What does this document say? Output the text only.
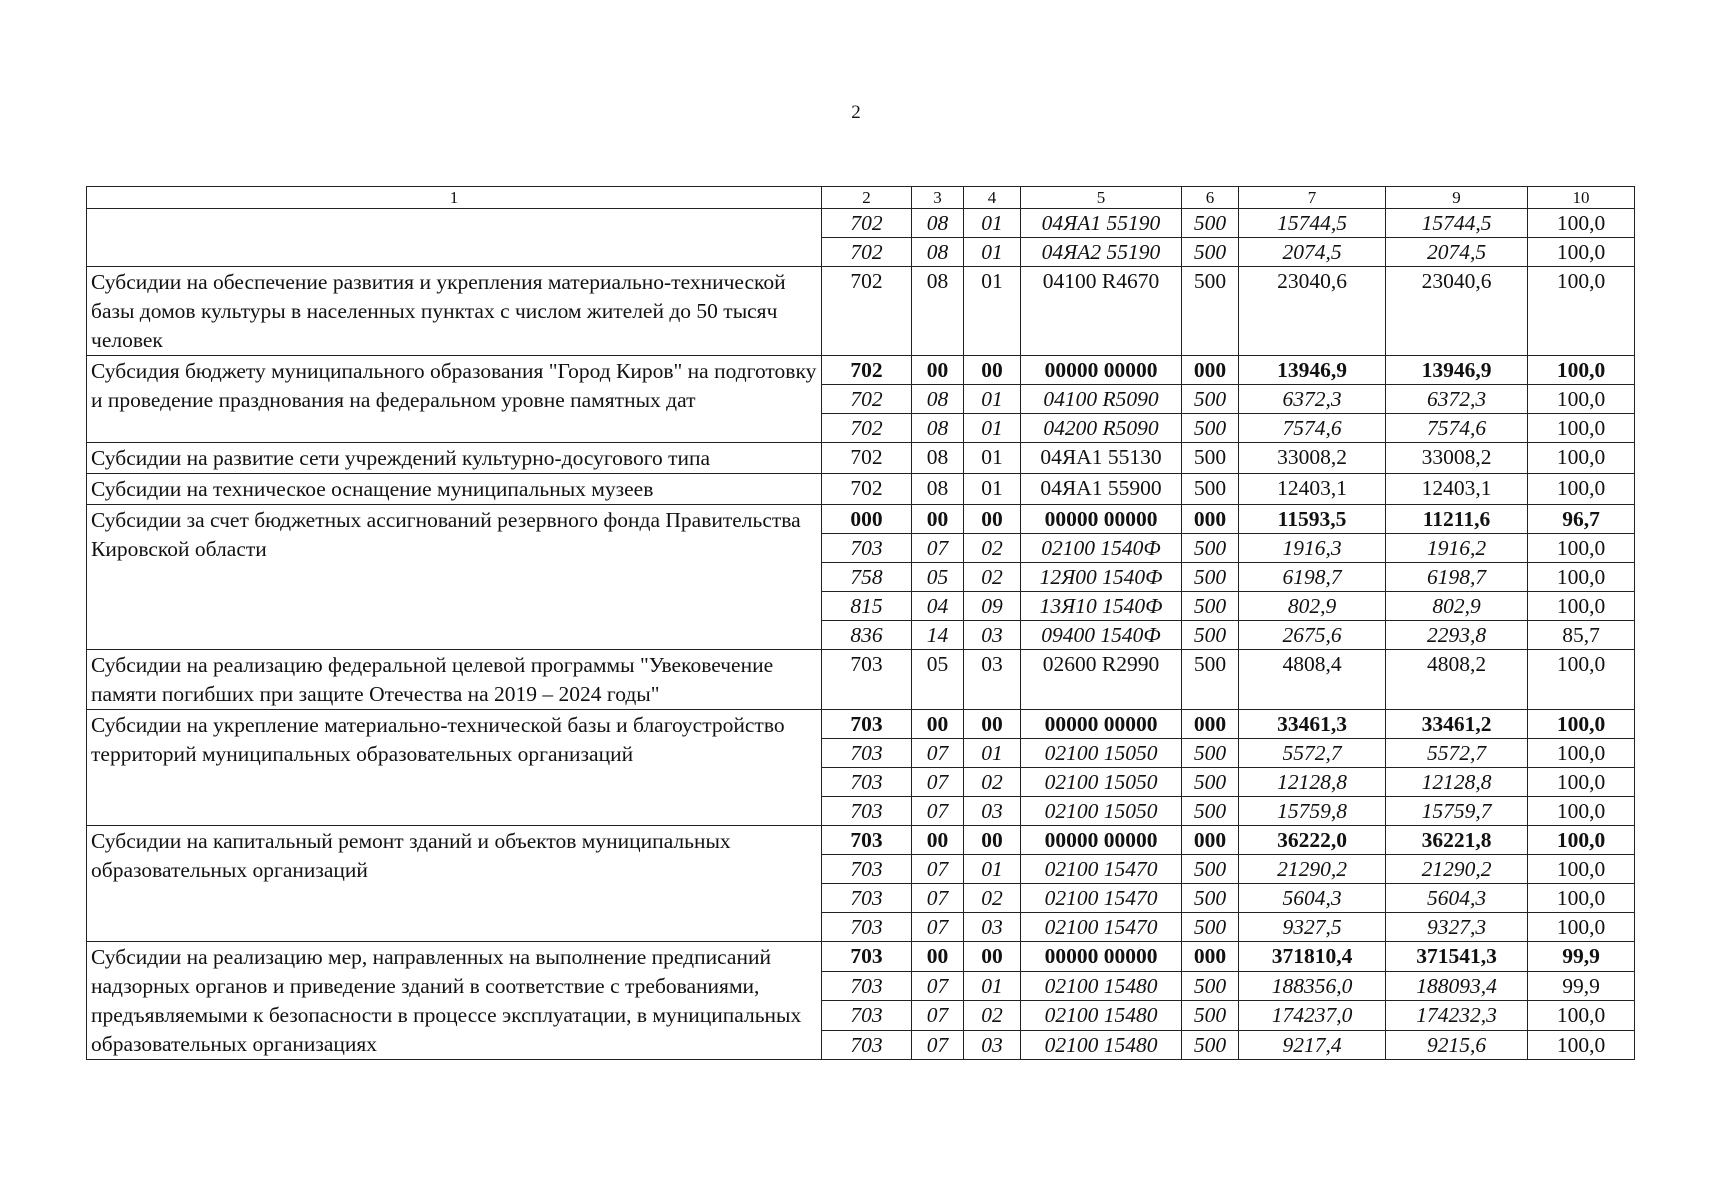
2
1	2	3	4	5	6	7	9	10
	702	08	01	04ЯА1 55190	500	15744,5	15744,5	100,0
	702	08	01	04ЯА2 55190	500	2074,5	2074,5	100,0
Субсидии на обеспечение развития и укрепления материально-технической базы домов культуры в населенных пунктах с числом жителей до 50 тысяч человек	702	08	01	04100 R4670	500	23040,6	23040,6	100,0
Субсидия бюджету муниципального образования "Город Киров" на подготовку и проведение празднования на федеральном уровне памятных дат	702	00	00	00000 00000	000	13946,9	13946,9	100,0
	702	08	01	04100 R5090	500	6372,3	6372,3	100,0
	702	08	01	04200 R5090	500	7574,6	7574,6	100,0
Субсидии на развитие сети учреждений культурно-досугового типа	702	08	01	04ЯА1 55130	500	33008,2	33008,2	100,0
Субсидии на техническое оснащение муниципальных музеев	702	08	01	04ЯА1 55900	500	12403,1	12403,1	100,0
Субсидии за счет бюджетных ассигнований резервного фонда Правительства Кировской области	000	00	00	00000 00000	000	11593,5	11211,6	96,7
	703	07	02	02100 1540Ф	500	1916,3	1916,2	100,0
	758	05	02	12Я00 1540Ф	500	6198,7	6198,7	100,0
	815	04	09	13Я10 1540Ф	500	802,9	802,9	100,0
	836	14	03	09400 1540Ф	500	2675,6	2293,8	85,7
Субсидии на реализацию федеральной целевой программы "Увековечение памяти погибших при защите Отечества на 2019 – 2024 годы"	703	05	03	02600 R2990	500	4808,4	4808,2	100,0
Субсидии на укрепление материально-технической базы и благоустройство территорий муниципальных образовательных организаций	703	00	00	00000 00000	000	33461,3	33461,2	100,0
	703	07	01	02100 15050	500	5572,7	5572,7	100,0
	703	07	02	02100 15050	500	12128,8	12128,8	100,0
	703	07	03	02100 15050	500	15759,8	15759,7	100,0
Субсидии на капитальный ремонт зданий и объектов муниципальных образовательных организаций	703	00	00	00000 00000	000	36222,0	36221,8	100,0
	703	07	01	02100 15470	500	21290,2	21290,2	100,0
	703	07	02	02100 15470	500	5604,3	5604,3	100,0
	703	07	03	02100 15470	500	9327,5	9327,3	100,0
Субсидии на реализацию мер, направленных на выполнение предписаний надзорных органов и приведение зданий в соответствие с требованиями, предъявляемыми к безопасности в процессе эксплуатации, в муниципальных образовательных организациях	703	00	00	00000 00000	000	371810,4	371541,3	99,9
	703	07	01	02100 15480	500	188356,0	188093,4	99,9
	703	07	02	02100 15480	500	174237,0	174232,3	100,0
	703	07	03	02100 15480	500	9217,4	9215,6	100,0
